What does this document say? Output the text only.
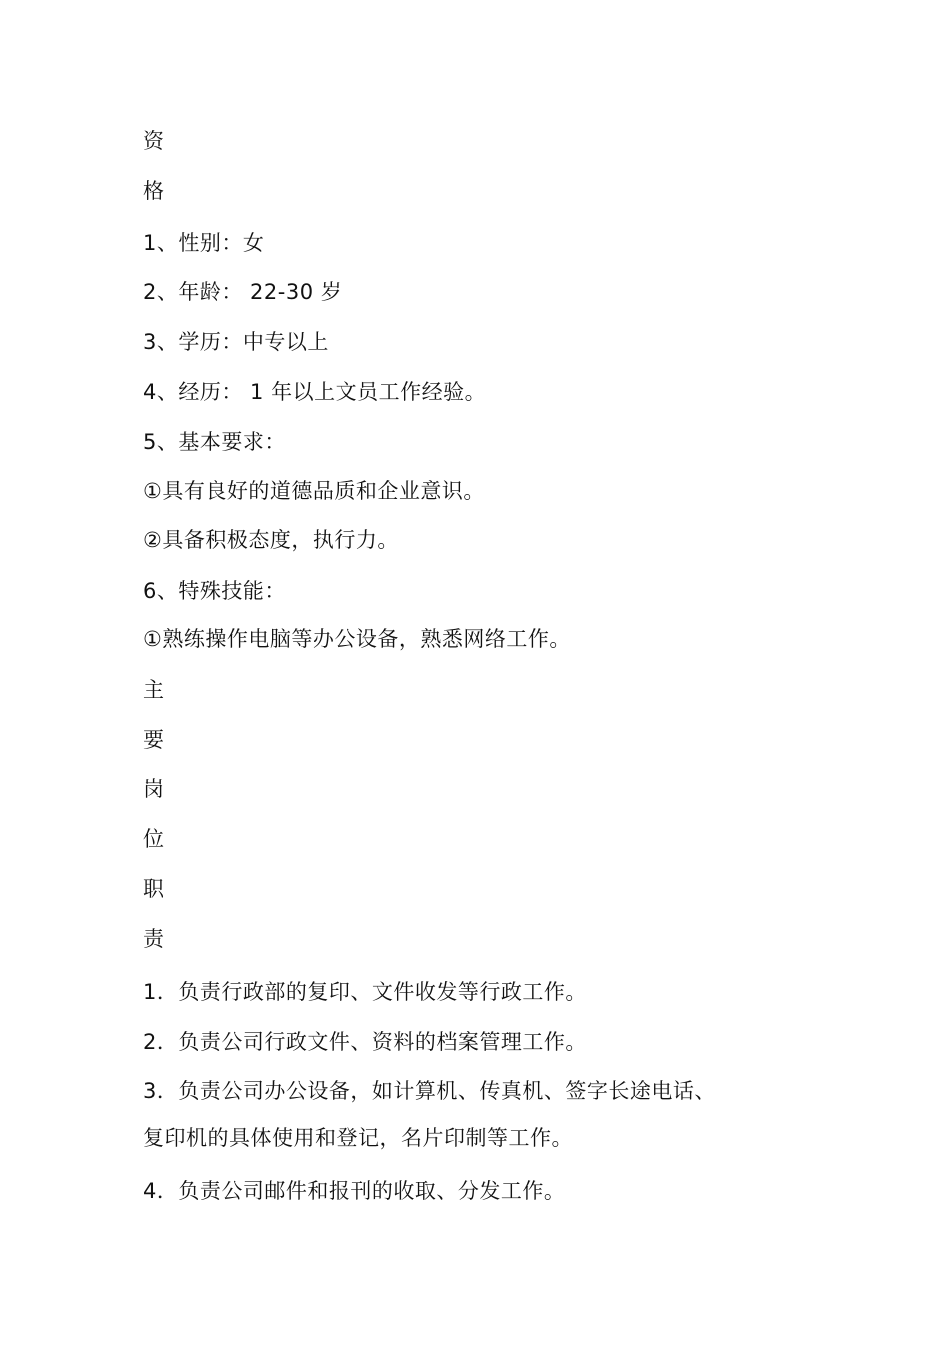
资
格
1、性别：女
2、年龄： 22-30 岁
3、学历：中专以上
4、经历： 1 年以上文员工作经验。
5、基本要求：
①具有良好的道德品质和企业意识。
②具备积极态度，执行力。
6、特殊技能：
①熟练操作电脑等办公设备，熟悉网络工作。
主
要
岗
位
职
责
1．负责行政部的复印、文件收发等行政工作。
2．负责公司行政文件、资料的档案管理工作。
3．负责公司办公设备，如计算机、传真机、签字长途电话、
复印机的具体使用和登记，名片印制等工作。
4．负责公司邮件和报刊的收取、分发工作。
